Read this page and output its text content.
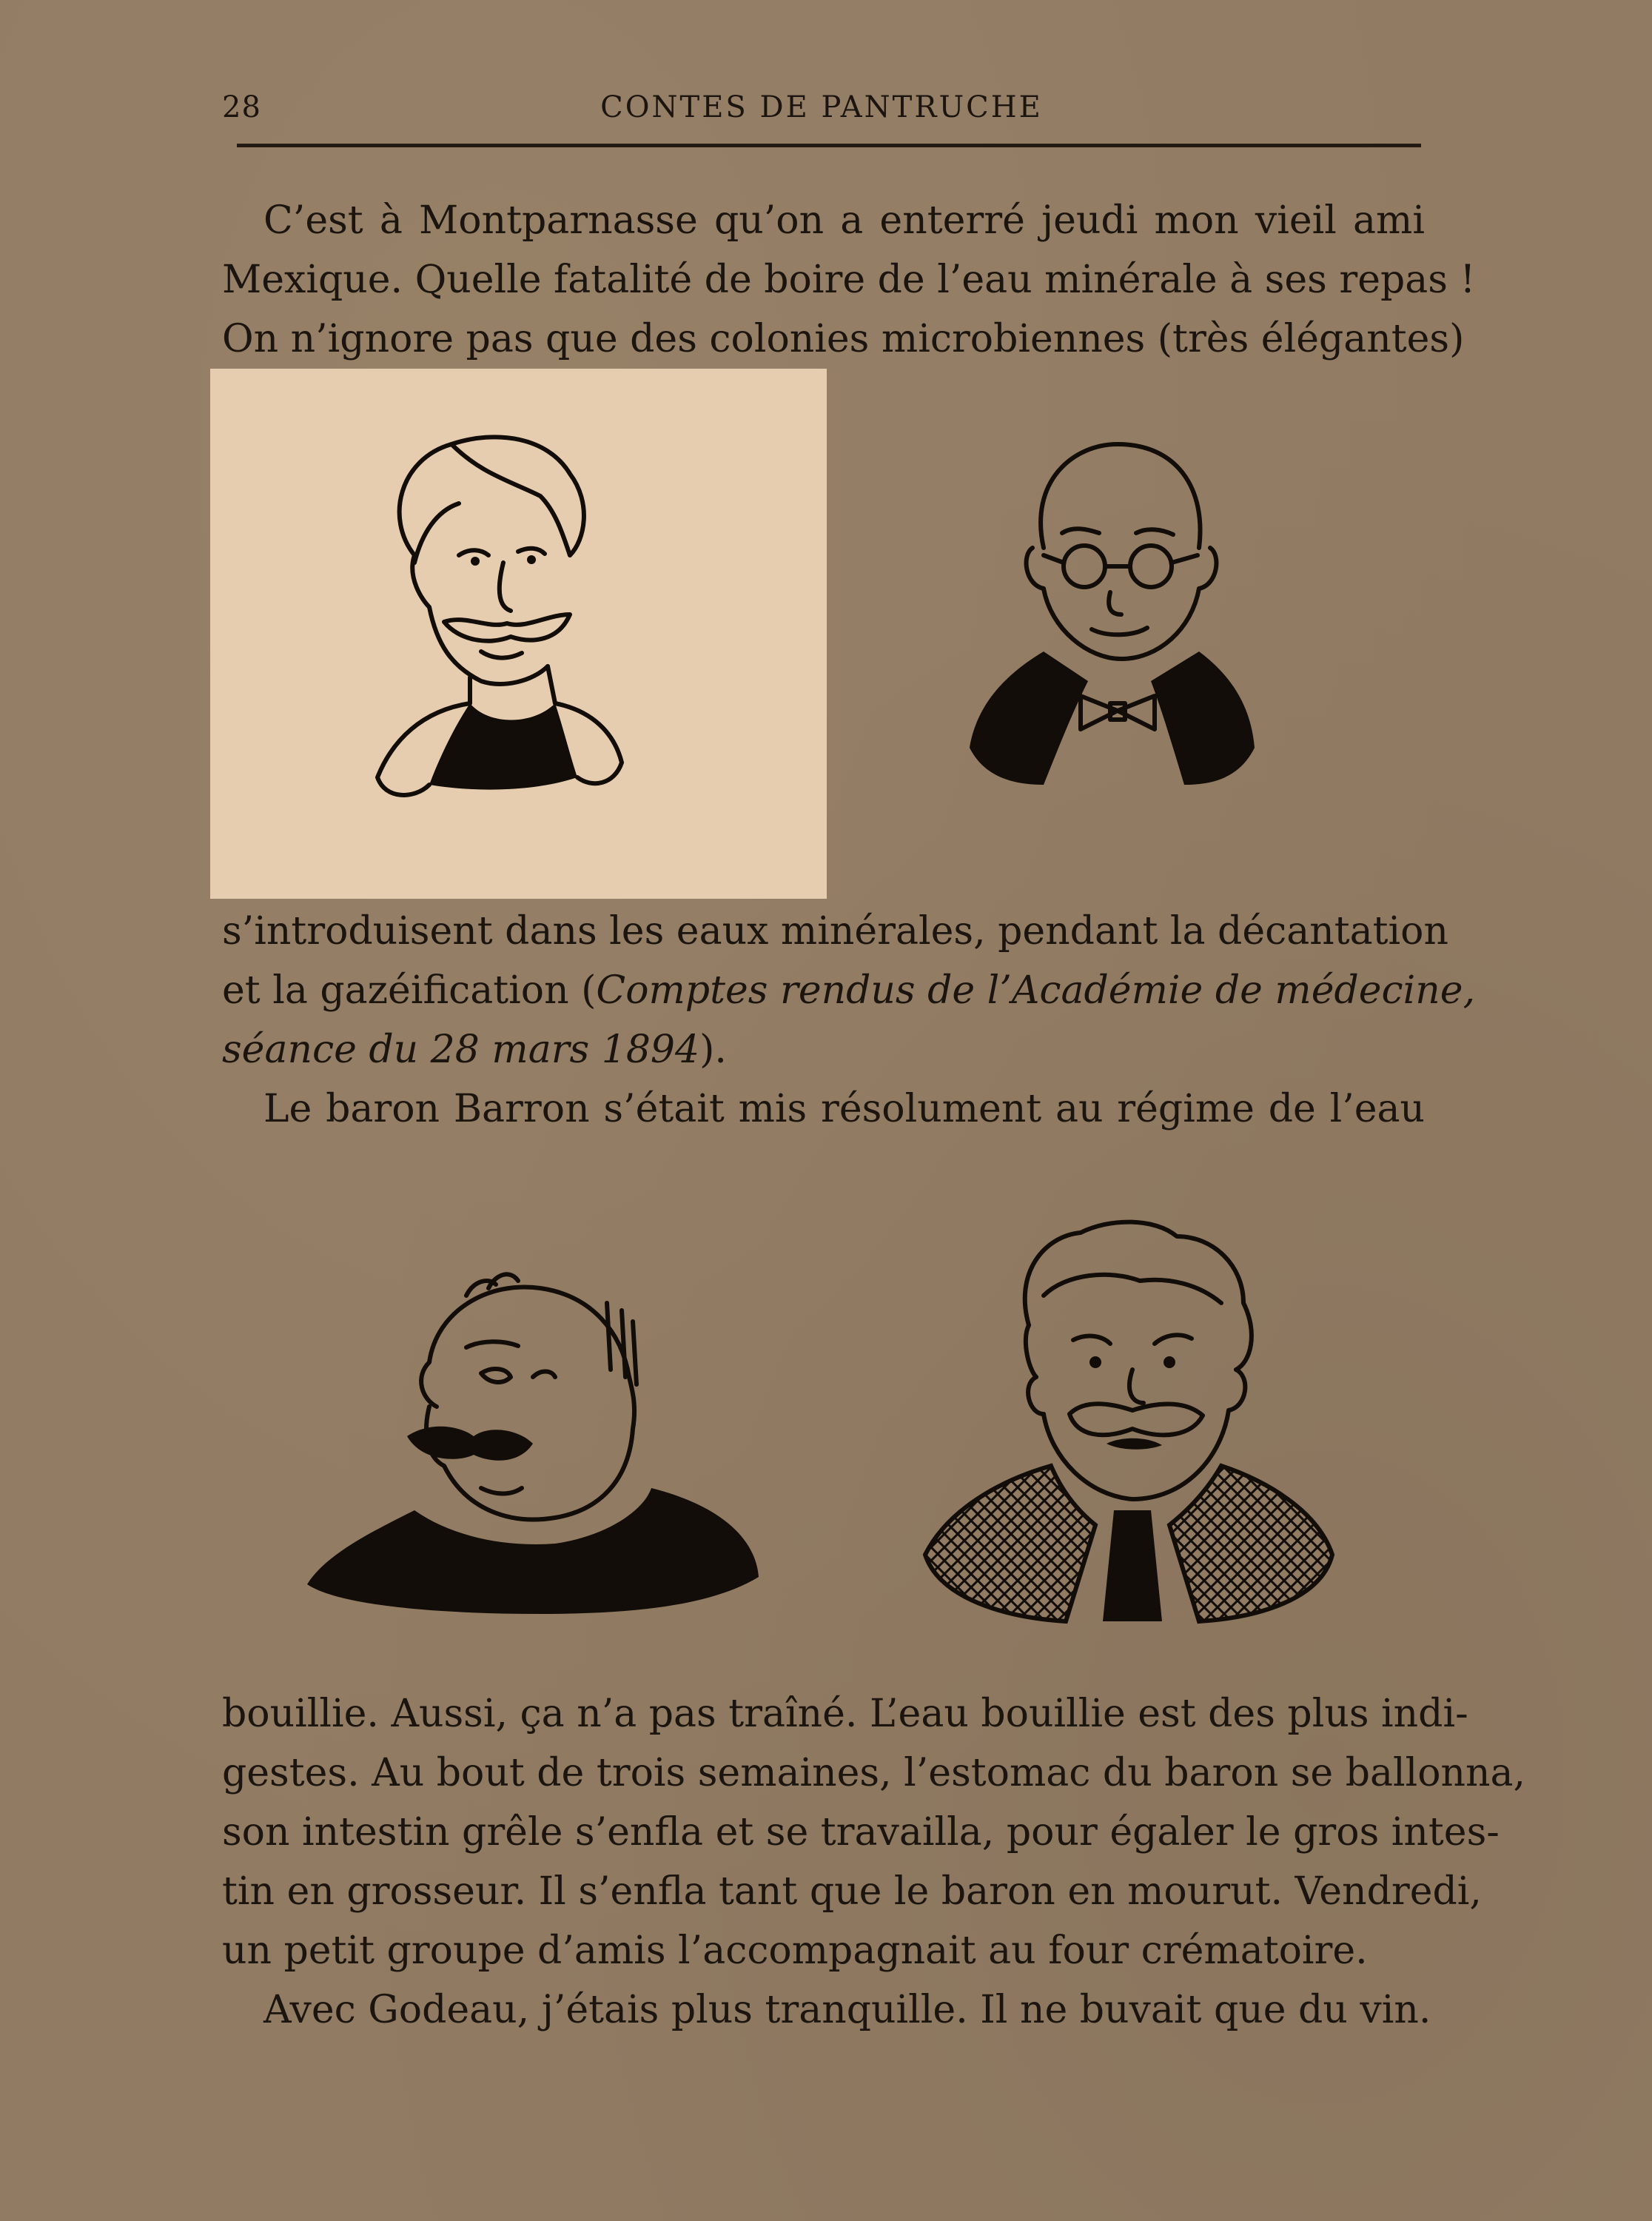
28	CONTES DE PANTRUCHE
C’est à Montparnasse qu’on a enterré jeudi mon vieil ami
Mexique. Quelle fatalité de boire de l’eau minérale à ses repas !
On n’ignore pas que des colonies microbiennes (très élégantes)
s’introduisent dans les eaux minérales, pendant la décantation
et la gazéification (Comptes rendus de l’Académie de médecine,
séance du 28 mars 1894).
Le baron Barron s’était mis résolument au régime de l’eau
bouillie. Aussi, ça n’a pas traîné. L’eau bouillie est des plus indi-
gestes. Au bout de trois semaines, l’estomac du baron se ballonna,
son intestin grêle s’enfla et se travailla, pour égaler le gros intes-
tin en grosseur. Il s’enfla tant que le baron en mourut. Vendredi,
un petit groupe d’amis l’accompagnait au four crématoire.
Avec Godeau, j’étais plus tranquille. Il ne buvait que du vin.
